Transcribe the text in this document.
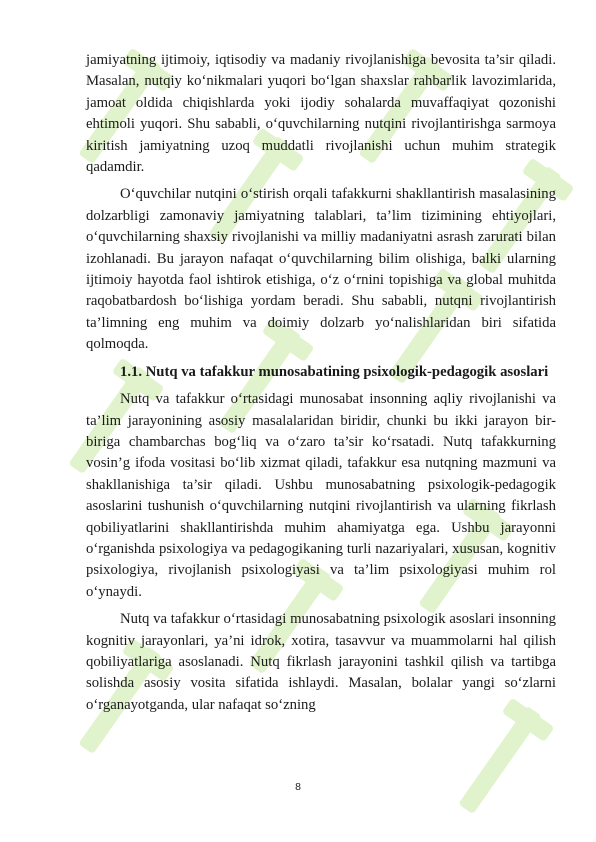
jamiyatning ijtimoiy, iqtisodiy va madaniy rivojlanishiga bevosita ta’sir qiladi. Masalan, nutqiy ko‘nikmalari yuqori bo‘lgan shaxslar rahbarlik lavozimlarida, jamoat oldida chiqishlarda yoki ijodiy sohalarda muvaffaqiyat qozonishi ehtimoli yuqori. Shu sababli, o‘quvchilarning nutqini rivojlantirishga sarmoya kiritish jamiyatning uzoq muddatli rivojlanishi uchun muhim strategik qadamdir.

O‘quvchilar nutqini o‘stirish orqali tafakkurni shakllantirish masalasining dolzarbligi zamonaviy jamiyatning talablari, ta’lim tizimining ehtiyojlari, o‘quvchilarning shaxsiy rivojlanishi va milliy madaniyatni asrash zarurati bilan izohlanadi. Bu jarayon nafaqat o‘quvchilarning bilim olishiga, balki ularning ijtimoiy hayotda faol ishtirok etishiga, o‘z o‘rnini topishiga va global muhitda raqobatbardosh bo‘lishiga yordam beradi. Shu sababli, nutqni rivojlantirish ta’limning eng muhim va doimiy dolzarb yo‘nalishlaridan biri sifatida qolmoqda.

1.1. Nutq va tafakkur munosabatining psixologik-pedagogik asoslari

Nutq va tafakkur o‘rtasidagi munosabat insonning aqliy rivojlanishi va ta’lim jarayonining asosiy masalalaridan biridir, chunki bu ikki jarayon bir-biriga chambarchas bog‘liq va o‘zaro ta’sir ko‘rsatadi. Nutq tafakkurning vosin’g ifoda vositasi bo‘lib xizmat qiladi, tafakkur esa nutqning mazmuni va shakllanishiga ta’sir qiladi. Ushbu munosabatning psixologik-pedagogik asoslarini tushunish o‘quvchilarning nutqini rivojlantirish va ularning fikrlash qobiliyatlarini shakllantirishda muhim ahamiyatga ega. Ushbu jarayonni o‘rganishda psixologiya va pedagogikaning turli nazariyalari, xususan, kognitiv psixologiya, rivojlanish psixologiyasi va ta’lim psixologiyasi muhim rol o‘ynaydi.

Nutq va tafakkur o‘rtasidagi munosabatning psixologik asoslari insonning kognitiv jarayonlari, ya’ni idrok, xotira, tasavvur va muammolarni hal qilish qobiliyatlariga asoslanadi. Nutq fikrlash jarayonini tashkil qilish va tartibga solishda asosiy vosita sifatida ishlaydi. Masalan, bolalar yangi so‘zlarni o‘rganayotganda, ular nafaqat so‘zning

8
